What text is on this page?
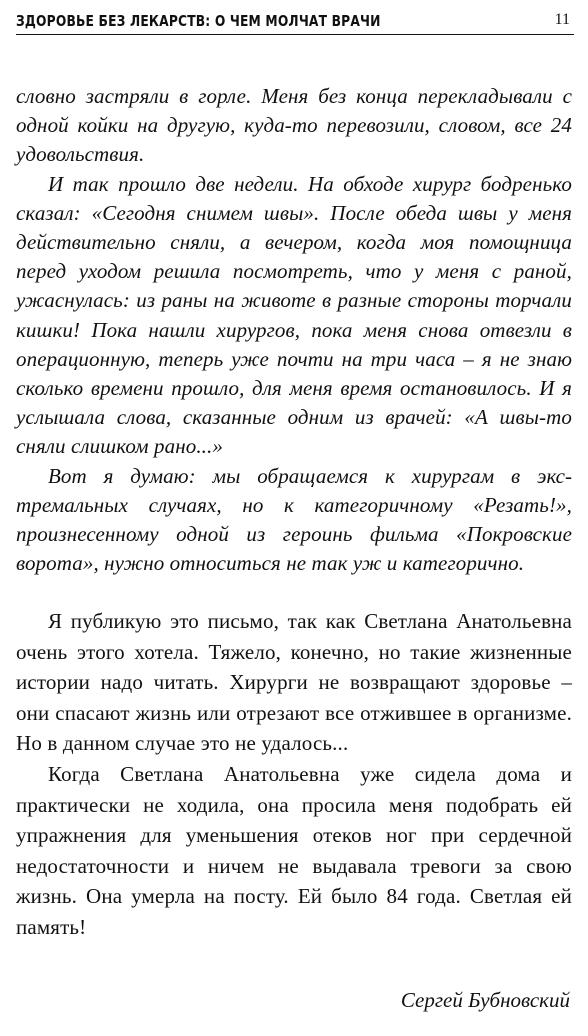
ЗДОРОВЬЕ БЕЗ ЛЕКАРСТВ: О ЧЕМ МОЛЧАТ ВРАЧИ	11

словно застряли в горле. Меня без конца перекладывали с одной койки на другую, куда-то перевозили, словом, все 24 удовольствия.

И так прошло две недели. На обходе хирург бодренько сказал: «Сегодня снимем швы». После обеда швы у меня действительно сняли, а вечером, когда моя помощница перед уходом решила посмотреть, что у меня с раной, ужаснулась: из раны на животе в разные стороны торчали кишки! Пока нашли хирургов, пока меня снова отвезли в операционную, теперь уже почти на три часа – я не знаю сколько времени прошло, для меня время остановилось. И я услышала слова, сказанные одним из врачей: «А швы-то сняли слишком рано...»

Вот я думаю: мы обращаемся к хирургам в экстремальных случаях, но к категоричному «Резать!», произнесенному одной из героинь фильма «Покровские ворота», нужно относиться не так уж и категорично.

Я публикую это письмо, так как Светлана Анатольевна очень этого хотела. Тяжело, конечно, но такие жизненные истории надо читать. Хирурги не возвращают здоровье – они спасают жизнь или отрезают все отжившее в организме. Но в данном случае это не удалось...

Когда Светлана Анатольевна уже сидела дома и практически не ходила, она просила меня подобрать ей упражнения для уменьшения отеков ног при сердечной недостаточности и ничем не выдавала тревоги за свою жизнь. Она умерла на посту. Ей было 84 года. Светлая ей память!

Сергей Бубновский
